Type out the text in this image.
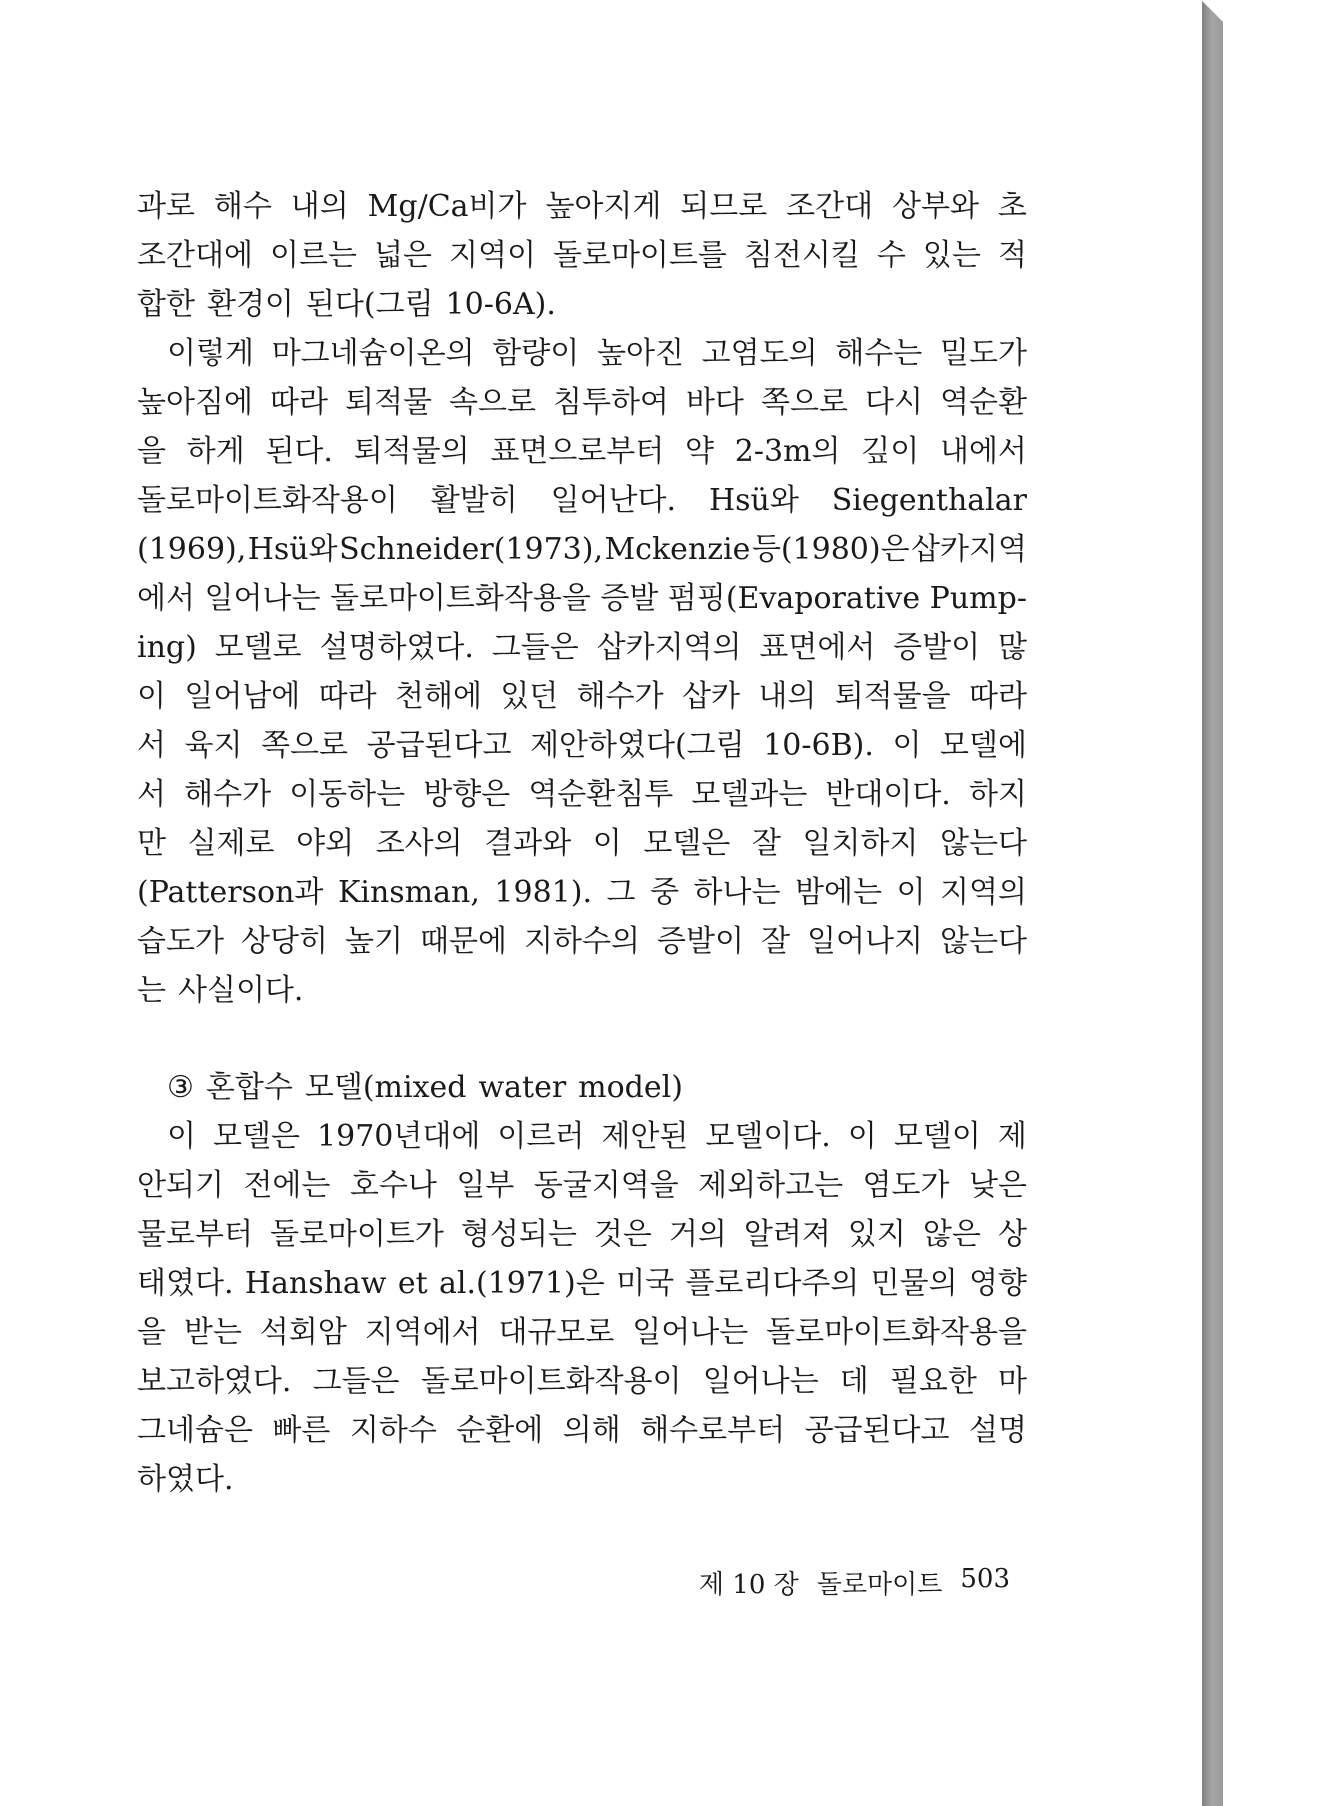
과로 해수 내의 Mg/Ca비가 높아지게 되므로 조간대 상부와 초
조간대에 이르는 넓은 지역이 돌로마이트를 침전시킬 수 있는 적
합한 환경이 된다(그림 10-6A).
이렇게 마그네슘이온의 함량이 높아진 고염도의 해수는 밀도가
높아짐에 따라 퇴적물 속으로 침투하여 바다 쪽으로 다시 역순환
을 하게 된다. 퇴적물의 표면으로부터 약 2-3m의 깊이 내에서
돌로마이트화작용이 활발히 일어난다. Hsü와 Siegenthalar
(1969), Hsü와 Schneider(1973), Mckenzie 등(1980)은 삽카지역
에서 일어나는 돌로마이트화작용을 증발 펌핑(Evaporative Pump-
ing) 모델로 설명하였다. 그들은 삽카지역의 표면에서 증발이 많
이 일어남에 따라 천해에 있던 해수가 삽카 내의 퇴적물을 따라
서 육지 쪽으로 공급된다고 제안하였다(그림 10-6B). 이 모델에
서 해수가 이동하는 방향은 역순환침투 모델과는 반대이다. 하지
만 실제로 야외 조사의 결과와 이 모델은 잘 일치하지 않는다
(Patterson과 Kinsman, 1981). 그 중 하나는 밤에는 이 지역의
습도가 상당히 높기 때문에 지하수의 증발이 잘 일어나지 않는다
는 사실이다.
③ 혼합수 모델(mixed water model)
이 모델은 1970년대에 이르러 제안된 모델이다. 이 모델이 제
안되기 전에는 호수나 일부 동굴지역을 제외하고는 염도가 낮은
물로부터 돌로마이트가 형성되는 것은 거의 알려져 있지 않은 상
태였다. Hanshaw et al.(1971)은 미국 플로리다주의 민물의 영향
을 받는 석회암 지역에서 대규모로 일어나는 돌로마이트화작용을
보고하였다. 그들은 돌로마이트화작용이 일어나는 데 필요한 마
그네슘은 빠른 지하수 순환에 의해 해수로부터 공급된다고 설명
하였다.
제 10 장 돌로마이트 503
